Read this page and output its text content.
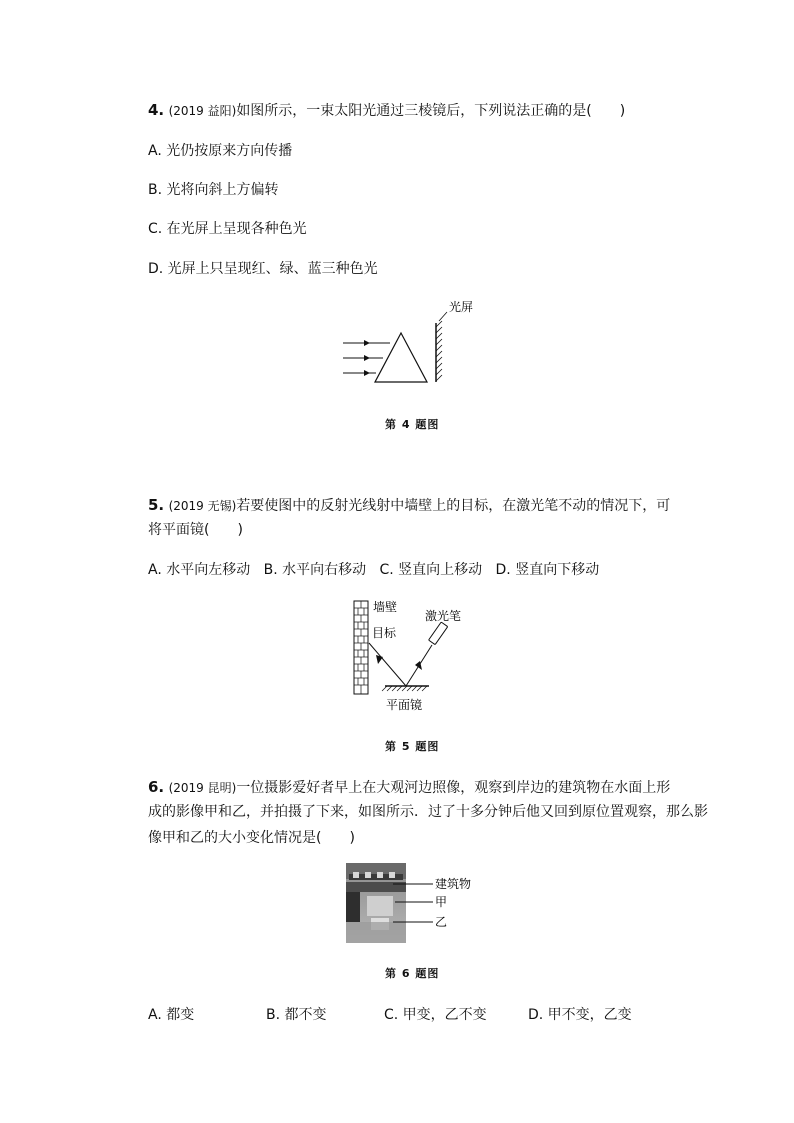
4. (2019 益阳)如图所示，一束太阳光通过三棱镜后，下列说法正确的是(　　)
A. 光仍按原来方向传播
B. 光将向斜上方偏转
C. 在光屏上呈现各种色光
D. 光屏上只呈现红、绿、蓝三种色光
光屏
第 4 题图
5. (2019 无锡)若要使图中的反射光线射中墙壁上的目标，在激光笔不动的情况下，可
将平面镜(　　)
A. 水平向左移动 B. 水平向右移动 C. 竖直向上移动 D. 竖直向下移动
墙壁
目标
激光笔
平面镜
第 5 题图
6. (2019 昆明)一位摄影爱好者早上在大观河边照像，观察到岸边的建筑物在水面上形
成的影像甲和乙，并拍摄了下来，如图所示．过了十多分钟后他又回到原位置观察，那么影
像甲和乙的大小变化情况是(　　)
建筑物
甲
乙
第 6 题图
A. 都变	B. 都不变	C. 甲变，乙不变	D. 甲不变，乙变
